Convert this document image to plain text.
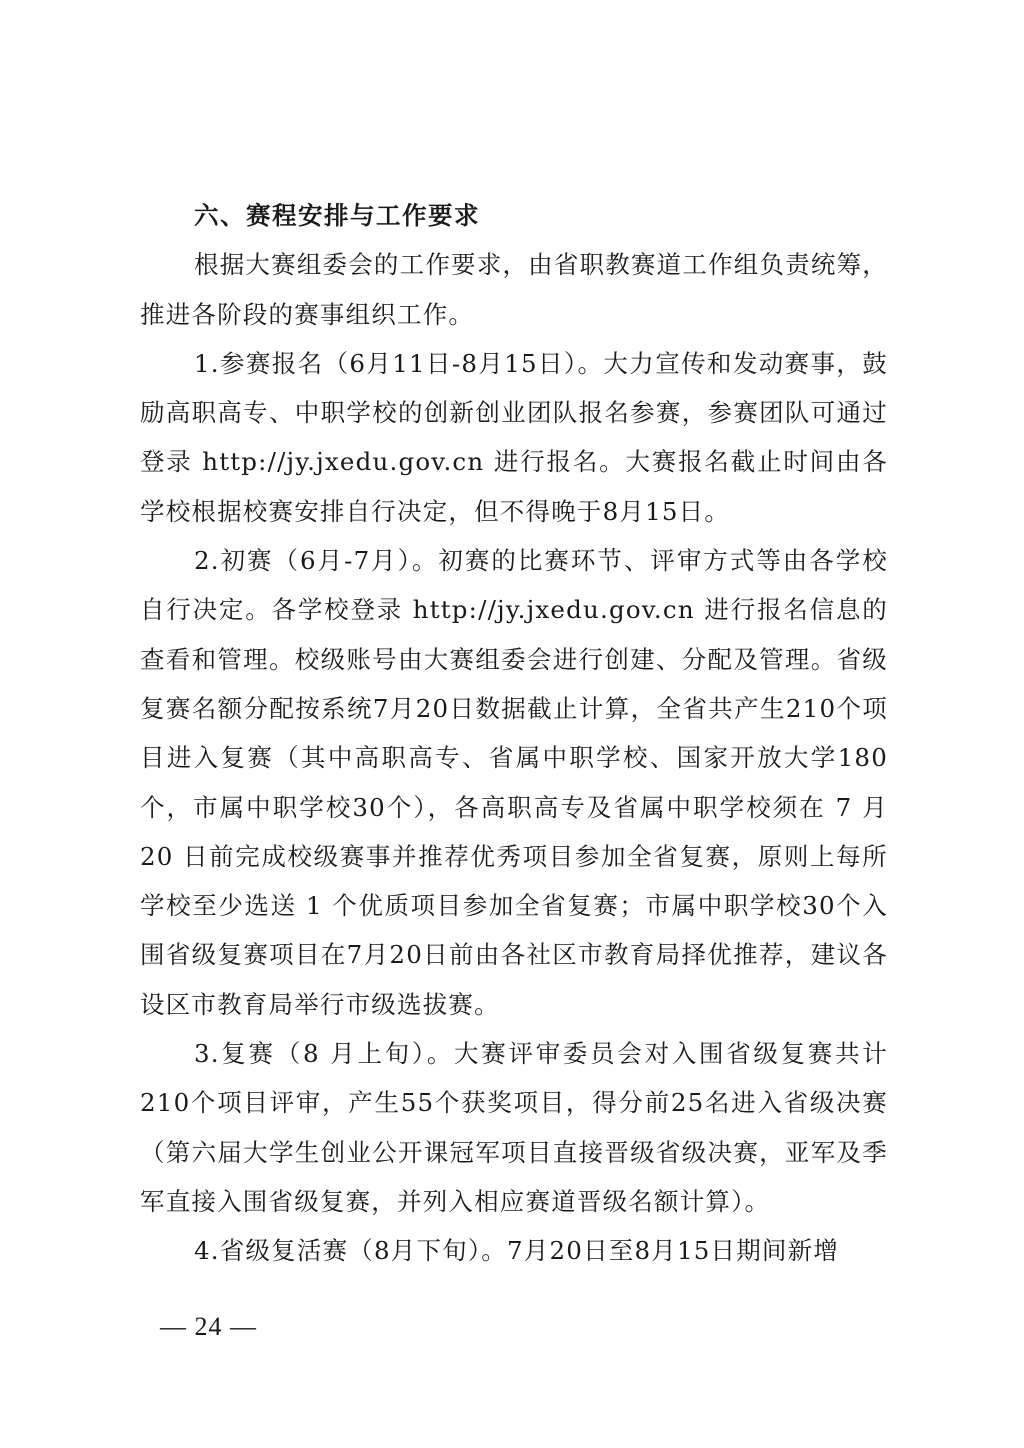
六、赛程安排与工作要求

根据大赛组委会的工作要求，由省职教赛道工作组负责统筹，推进各阶段的赛事组织工作。

1.参赛报名（6月11日-8月15日）。大力宣传和发动赛事，鼓励高职高专、中职学校的创新创业团队报名参赛，参赛团队可通过登录 http://jy.jxedu.gov.cn 进行报名。大赛报名截止时间由各学校根据校赛安排自行决定，但不得晚于8月15日。

2.初赛（6月-7月）。初赛的比赛环节、评审方式等由各学校自行决定。各学校登录 http://jy.jxedu.gov.cn 进行报名信息的查看和管理。校级账号由大赛组委会进行创建、分配及管理。省级复赛名额分配按系统7月20日数据截止计算，全省共产生210个项目进入复赛（其中高职高专、省属中职学校、国家开放大学180个，市属中职学校30个），各高职高专及省属中职学校须在 7 月 20 日前完成校级赛事并推荐优秀项目参加全省复赛，原则上每所学校至少选送 1 个优质项目参加全省复赛；市属中职学校30个入围省级复赛项目在7月20日前由各社区市教育局择优推荐，建议各设区市教育局举行市级选拔赛。

3.复赛（8 月上旬）。大赛评审委员会对入围省级复赛共计210个项目评审，产生55个获奖项目，得分前25名进入省级决赛（第六届大学生创业公开课冠军项目直接晋级省级决赛，亚军及季军直接入围省级复赛，并列入相应赛道晋级名额计算）。

4.省级复活赛（8月下旬）。7月20日至8月15日期间新增

— 24 —
